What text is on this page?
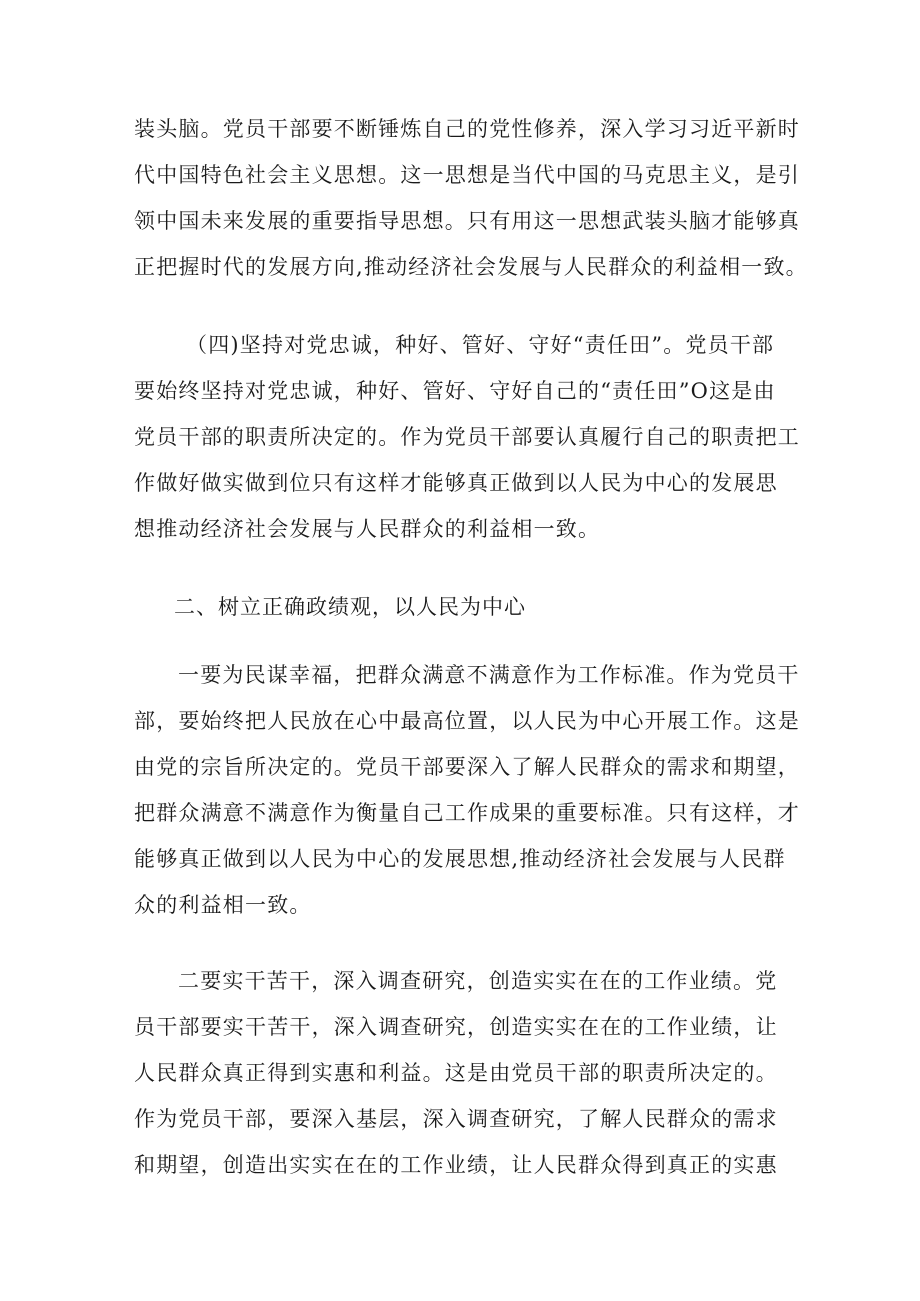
装头脑。党员干部要不断锤炼自己的党性修养，深入学习习近平新时
代中国特色社会主义思想。这一思想是当代中国的马克思主义，是引
领中国未来发展的重要指导思想。只有用这一思想武装头脑才能够真
正把握时代的发展方向,推动经济社会发展与人民群众的利益相一致。
（四)坚持对党忠诚，种好、管好、守好“责任田”。党员干部
要始终坚持对党忠诚，种好、管好、守好自己的“责任田”O这是由
党员干部的职责所决定的。作为党员干部要认真履行自己的职责把工
作做好做实做到位只有这样才能够真正做到以人民为中心的发展思
想推动经济社会发展与人民群众的利益相一致。
二、树立正确政绩观，以人民为中心
一要为民谋幸福，把群众满意不满意作为工作标准。作为党员干
部，要始终把人民放在心中最高位置，以人民为中心开展工作。这是
由党的宗旨所决定的。党员干部要深入了解人民群众的需求和期望，
把群众满意不满意作为衡量自己工作成果的重要标准。只有这样，才
能够真正做到以人民为中心的发展思想,推动经济社会发展与人民群
众的利益相一致。
二要实干苦干，深入调查研究，创造实实在在的工作业绩。党
员干部要实干苦干，深入调查研究，创造实实在在的工作业绩，让
人民群众真正得到实惠和利益。这是由党员干部的职责所决定的。
作为党员干部，要深入基层，深入调查研究，了解人民群众的需求
和期望，创造出实实在在的工作业绩，让人民群众得到真正的实惠
